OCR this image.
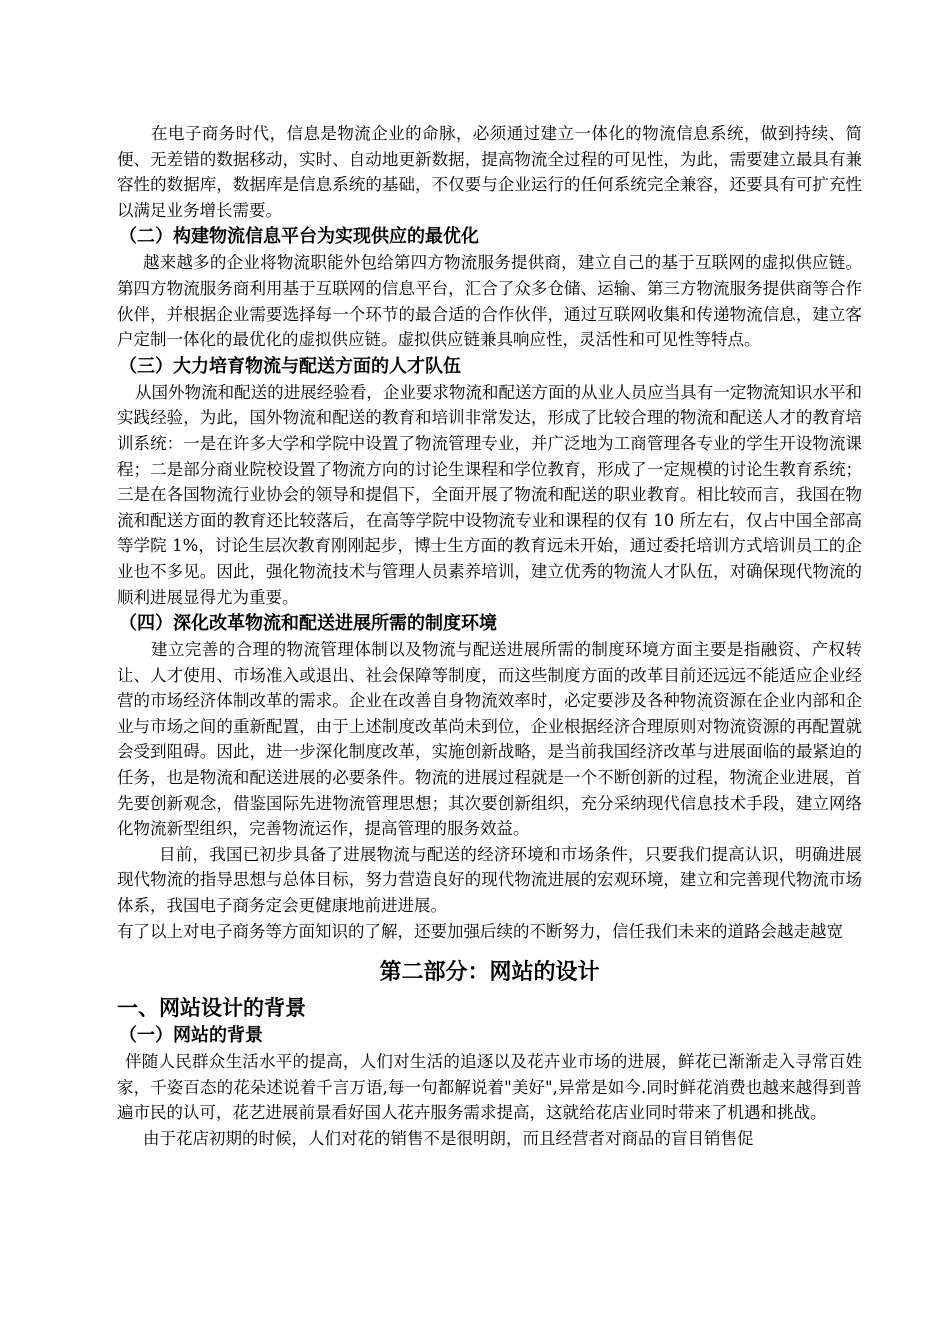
在电子商务时代，信息是物流企业的命脉，必须通过建立一体化的物流信息系统，做到持续、简便、无差错的数据移动，实时、自动地更新数据，提高物流全过程的可见性，为此，需要建立最具有兼容性的数据库，数据库是信息系统的基础，不仅要与企业运行的任何系统完全兼容，还要具有可扩充性以满足业务增长需要。

（二）构建物流信息平台为实现供应的最优化

越来越多的企业将物流职能外包给第四方物流服务提供商，建立自己的基于互联网的虚拟供应链。第四方物流服务商利用基于互联网的信息平台，汇合了众多仓储、运输、第三方物流服务提供商等合作伙伴，并根据企业需要选择每一个环节的最合适的合作伙伴，通过互联网收集和传递物流信息，建立客户定制一体化的最优化的虚拟供应链。虚拟供应链兼具响应性，灵活性和可见性等特点。

（三）大力培育物流与配送方面的人才队伍

从国外物流和配送的进展经验看，企业要求物流和配送方面的从业人员应当具有一定物流知识水平和实践经验，为此，国外物流和配送的教育和培训非常发达，形成了比较合理的物流和配送人才的教育培训系统：一是在许多大学和学院中设置了物流管理专业，并广泛地为工商管理各专业的学生开设物流课程；二是部分商业院校设置了物流方向的讨论生课程和学位教育，形成了一定规模的讨论生教育系统；三是在各国物流行业协会的领导和提倡下，全面开展了物流和配送的职业教育。相比较而言，我国在物流和配送方面的教育还比较落后，在高等学院中设物流专业和课程的仅有 10 所左右，仅占中国全部高等学院 1%，讨论生层次教育刚刚起步，博士生方面的教育远未开始，通过委托培训方式培训员工的企业也不多见。因此，强化物流技术与管理人员素养培训，建立优秀的物流人才队伍，对确保现代物流的顺利进展显得尤为重要。

（四）深化改革物流和配送进展所需的制度环境

建立完善的合理的物流管理体制以及物流与配送进展所需的制度环境方面主要是指融资、产权转让、人才使用、市场准入或退出、社会保障等制度，而这些制度方面的改革目前还远远不能适应企业经营的市场经济体制改革的需求。企业在改善自身物流效率时，必定要涉及各种物流资源在企业内部和企业与市场之间的重新配置，由于上述制度改革尚未到位，企业根据经济合理原则对物流资源的再配置就会受到阻碍。因此，进一步深化制度改革，实施创新战略，是当前我国经济改革与进展面临的最紧迫的任务，也是物流和配送进展的必要条件。物流的进展过程就是一个不断创新的过程，物流企业进展，首先要创新观念，借鉴国际先进物流管理思想；其次要创新组织，充分采纳现代信息技术手段，建立网络化物流新型组织，完善物流运作，提高管理的服务效益。

目前，我国已初步具备了进展物流与配送的经济环境和市场条件，只要我们提高认识，明确进展现代物流的指导思想与总体目标，努力营造良好的现代物流进展的宏观环境，建立和完善现代物流市场体系，我国电子商务定会更健康地前进进展。

有了以上对电子商务等方面知识的了解，还要加强后续的不断努力，信任我们未来的道路会越走越宽

第二部分：网站的设计

一、网站设计的背景

（一）网站的背景

伴随人民群众生活水平的提高，人们对生活的追逐以及花卉业市场的进展，鲜花已渐渐走入寻常百姓家，千姿百态的花朵述说着千言万语,每一句都解说着"美好",异常是如今.同时鲜花消费也越来越得到普遍市民的认可，花艺进展前景看好国人花卉服务需求提高，这就给花店业同时带来了机遇和挑战。

由于花店初期的时候，人们对花的销售不是很明朗，而且经营者对商品的盲目销售促
